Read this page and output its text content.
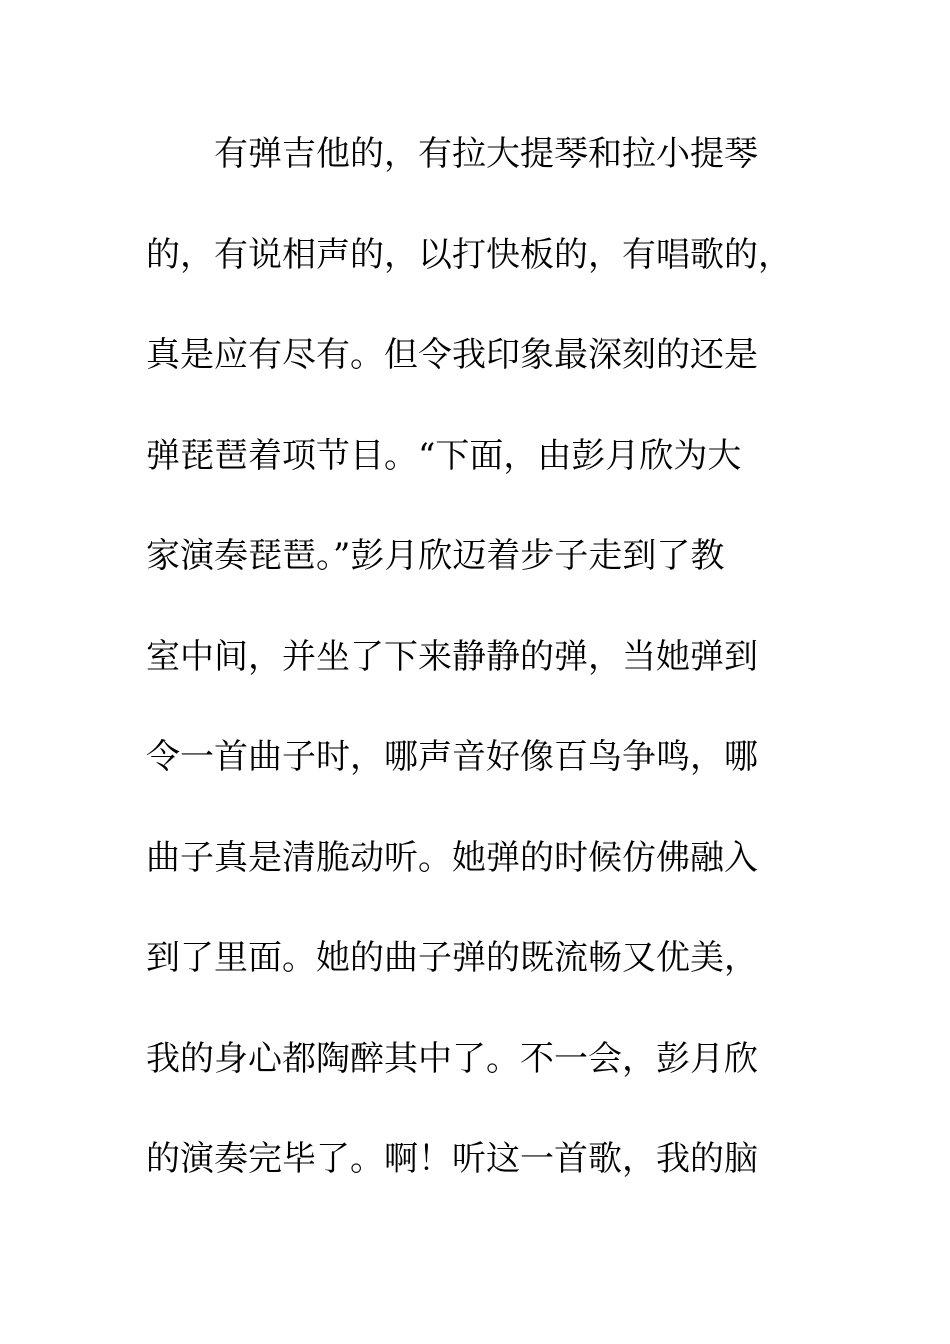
有弹吉他的，有拉大提琴和拉小提琴
的，有说相声的，以打快板的，有唱歌的，
真是应有尽有。但令我印象最深刻的还是
弹琵琶着项节目。“下面，由彭月欣为大
家演奏琵琶。”彭月欣迈着步子走到了教
室中间，并坐了下来静静的弹，当她弹到
令一首曲子时，哪声音好像百鸟争鸣，哪
曲子真是清脆动听。她弹的时候仿佛融入
到了里面。她的曲子弹的既流畅又优美，
我的身心都陶醉其中了。不一会，彭月欣
的演奏完毕了。啊！听这一首歌，我的脑
